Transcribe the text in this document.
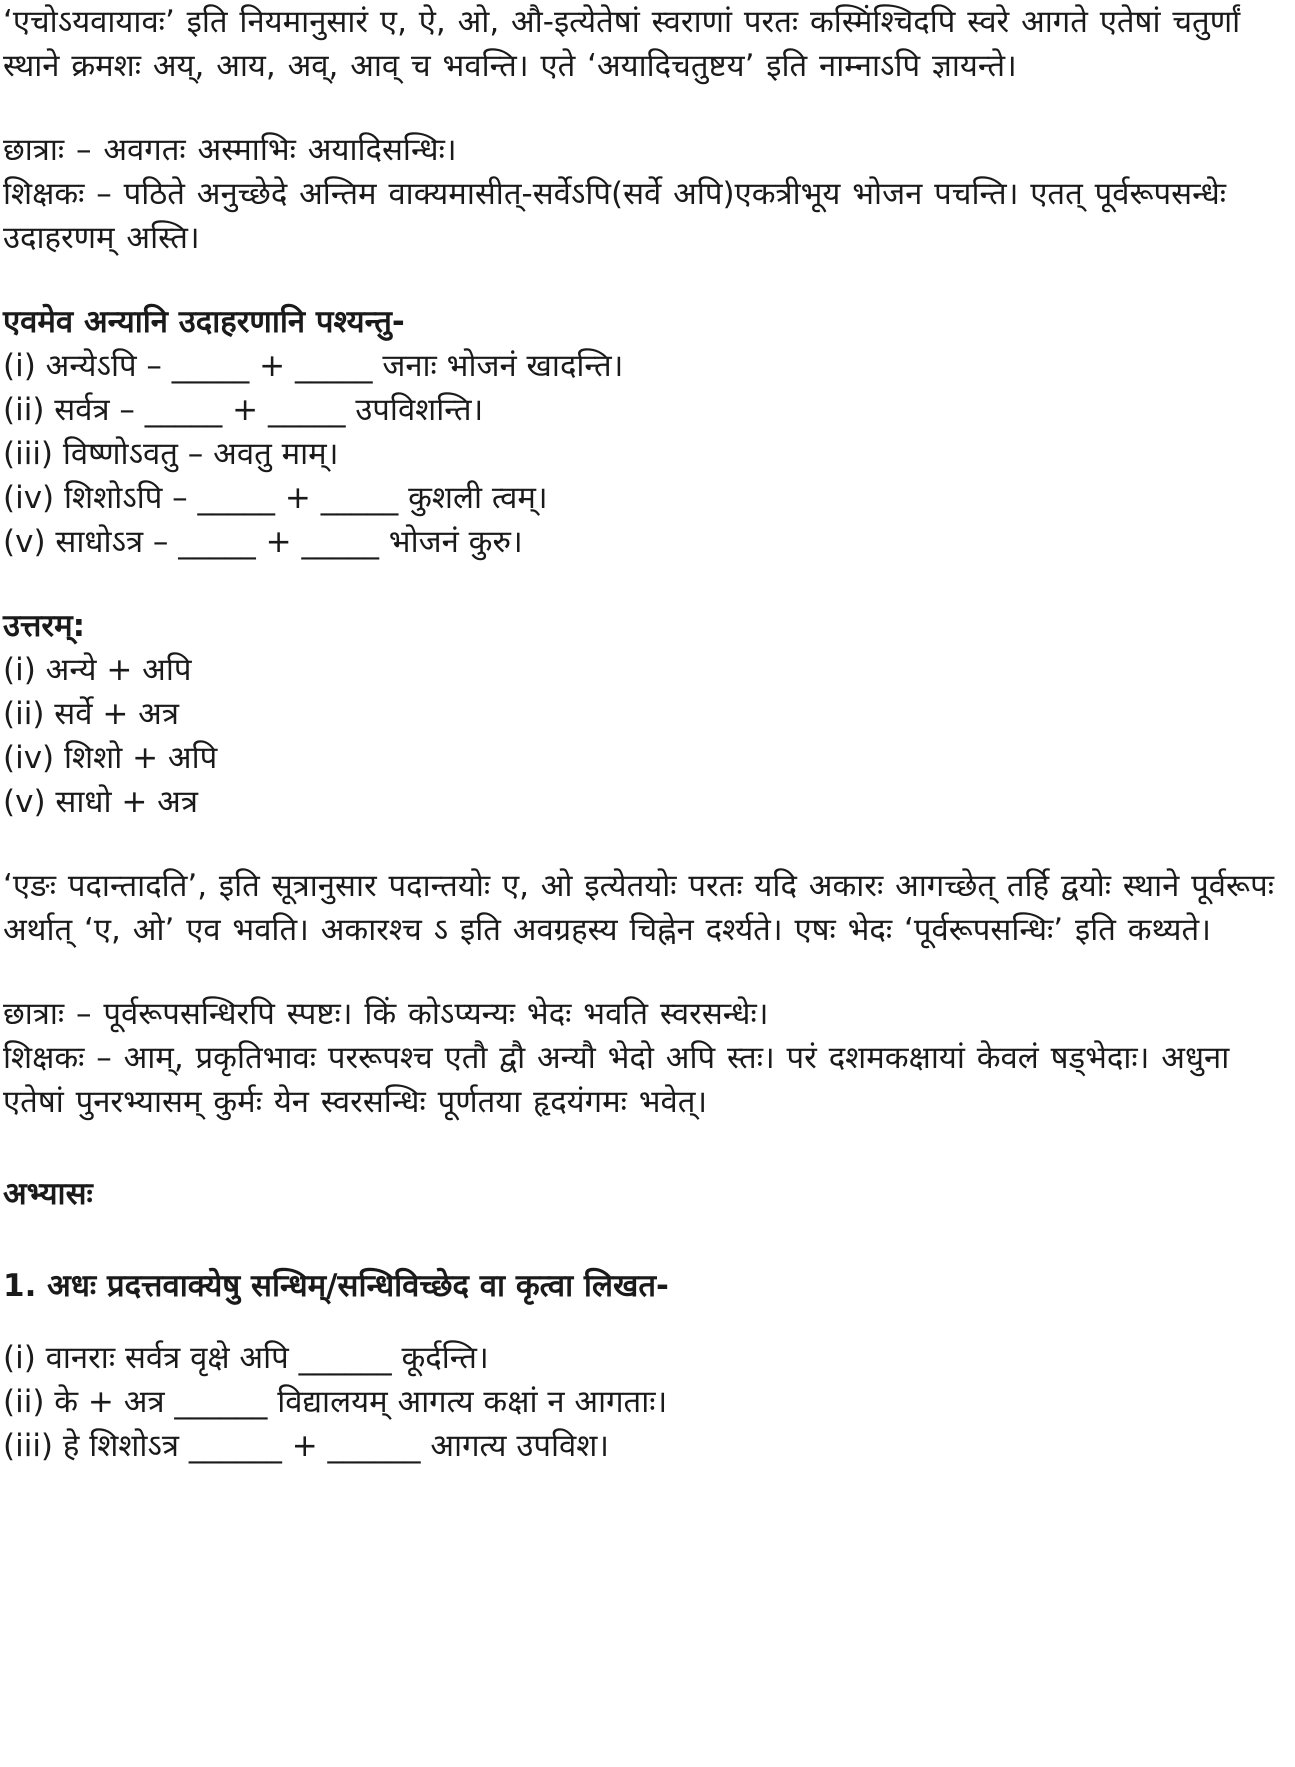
‘एचोऽयवायावः’ इति नियमानुसारं ए, ऐ, ओ, औ-इत्येतेषां स्वराणां परतः कस्मिंश्चिदपि स्वरे आगते एतेषां चतुर्णां स्थाने क्रमशः अय्, आय, अव्, आव् च भवन्ति। एते ‘अयादिचतुष्टय’ इति नाम्नाऽपि ज्ञायन्ते।

छात्राः – अवगतः अस्माभिः अयादिसन्धिः।

शिक्षकः – पठिते अनुच्छेदे अन्तिम वाक्यमासीत्-सर्वेऽपि(सर्वे अपि)एकत्रीभूय भोजन पचन्ति। एतत् पूर्वरूपसन्धेः उदाहरणम् अस्ति।

एवमेव अन्यानि उदाहरणानि पश्यन्तु-

(i) अन्येऽपि – _____ + _____ जनाः भोजनं खादन्ति।

(ii) सर्वत्र – _____ + _____ उपविशन्ति।

(iii) विष्णोऽवतु – अवतु माम्।

(iv) शिशोऽपि – _____ + _____ कुशली त्वम्।

(v) साधोऽत्र – _____ + _____ भोजनं कुरु।

उत्तरम्:

(i) अन्ये + अपि

(ii) सर्वे + अत्र

(iv) शिशो + अपि

(v) साधो + अत्र

‘एङः पदान्तादति’, इति सूत्रानुसार पदान्तयोः ए, ओ इत्येतयोः परतः यदि अकारः आगच्छेत् तर्हि द्वयोः स्थाने पूर्वरूपः अर्थात् ‘ए, ओ’ एव भवति। अकारश्च ऽ इति अवग्रहस्य चिह्नेन दर्श्यते। एषः भेदः ‘पूर्वरूपसन्धिः’ इति कथ्यते।

छात्राः – पूर्वरूपसन्धिरपि स्पष्टः। किं कोऽप्यन्यः भेदः भवति स्वरसन्धेः।

शिक्षकः – आम्, प्रकृतिभावः पररूपश्च एतौ द्वौ अन्यौ भेदो अपि स्तः। परं दशमकक्षायां केवलं षड्भेदाः। अधुना एतेषां पुनरभ्यासम् कुर्मः येन स्वरसन्धिः पूर्णतया हृदयंगमः भवेत्।

अभ्यासः

1. अधः प्रदत्तवाक्येषु सन्धिम्/सन्धिविच्छेद वा कृत्वा लिखत-

(i) वानराः सर्वत्र वृक्षे अपि ______ कूर्दन्ति।

(ii) के + अत्र ______ विद्यालयम् आगत्य कक्षां न आगताः।

(iii) हे शिशोऽत्र ______ + ______ आगत्य उपविश।
